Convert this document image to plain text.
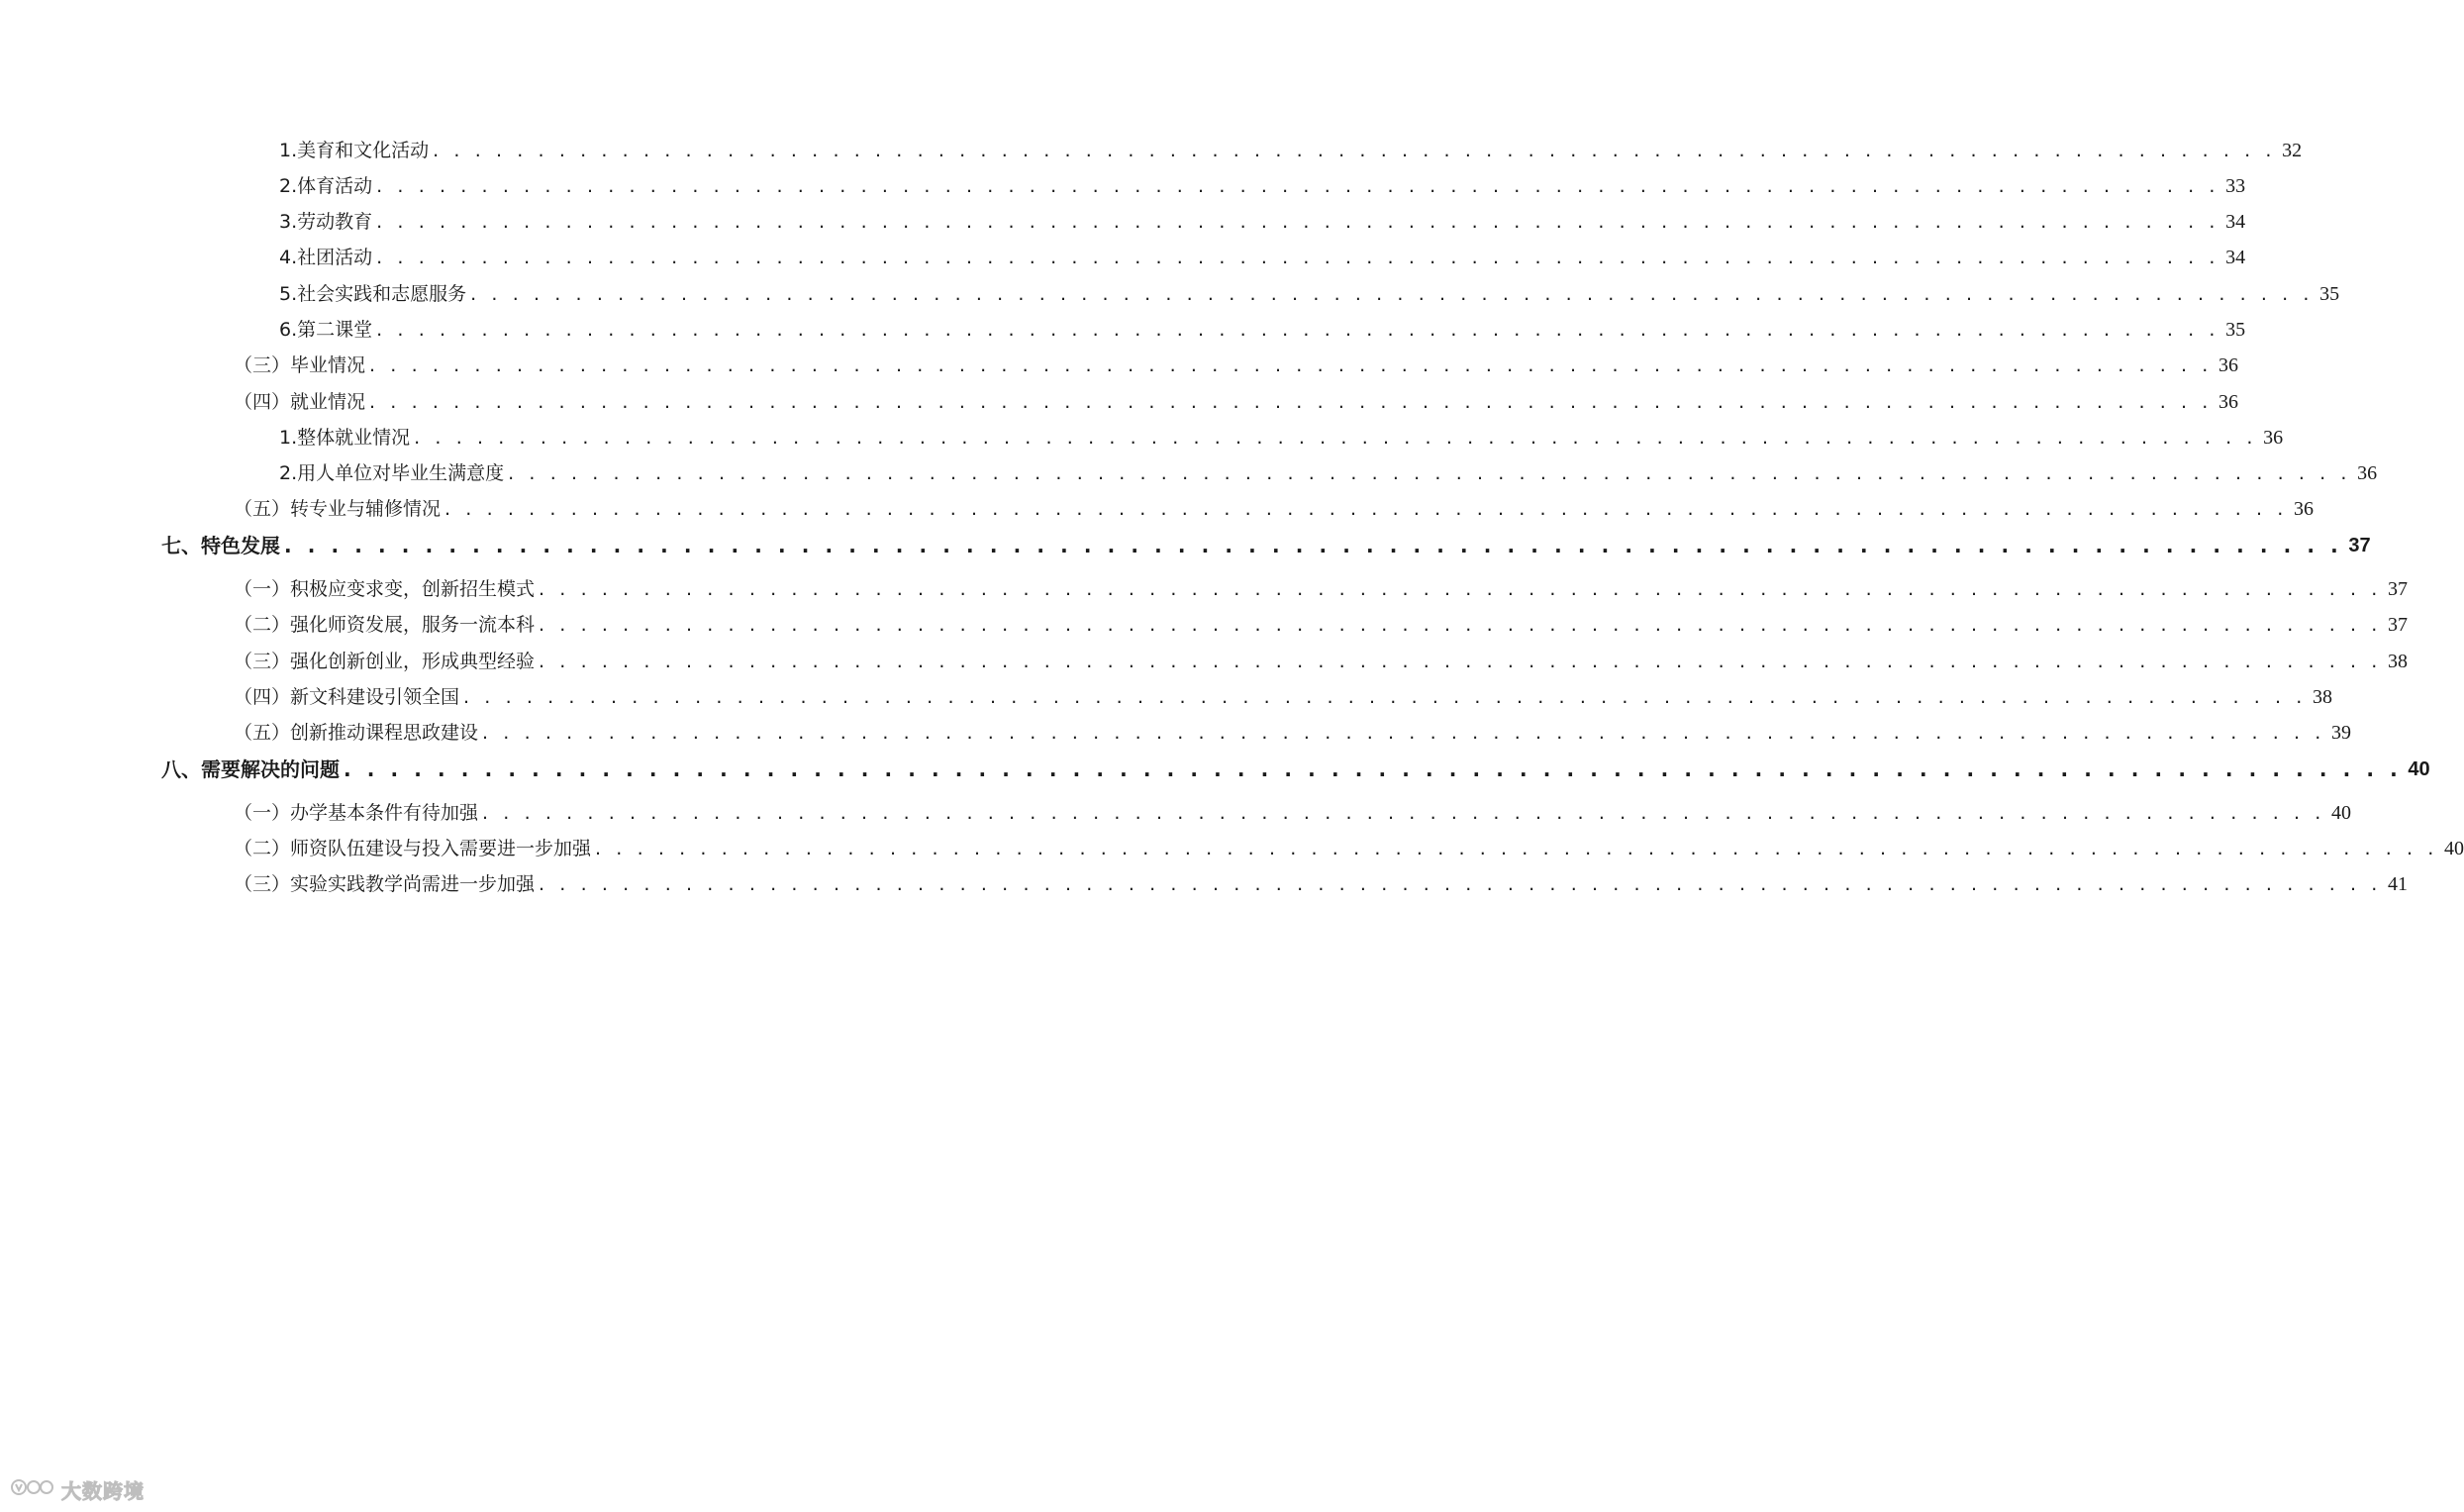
1. 美育和文化活动 . . . . . . . . . . . . . . . . . . . . . . . . . . . . . . . . . . . . . . . . . . . . . . . . . . . . . . . . . . . . . . . . . . . . . . . . . . . . . . . . . . . . . . . . 32
2. 体育活动 . . . . . . . . . . . . . . . . . . . . . . . . . . . . . . . . . . . . . . . . . . . . . . . . . . . . . . . . . . . . . . . . . . . . . . . . . . . . . . . . . . . . . . . . 33
3. 劳动教育 . . . . . . . . . . . . . . . . . . . . . . . . . . . . . . . . . . . . . . . . . . . . . . . . . . . . . . . . . . . . . . . . . . . . . . . . . . . . . . . . . . . . . . . . 34
4. 社团活动 . . . . . . . . . . . . . . . . . . . . . . . . . . . . . . . . . . . . . . . . . . . . . . . . . . . . . . . . . . . . . . . . . . . . . . . . . . . . . . . . . . . . . . . . 34
5. 社会实践和志愿服务 . . . . . . . . . . . . . . . . . . . . . . . . . . . . . . . . . . . . . . . . . . . . . . . . . . . . . . . . . . . . . . . . . . . . . . . . . . . . . . . . . . . . . . . . 35
6. 第二课堂 . . . . . . . . . . . . . . . . . . . . . . . . . . . . . . . . . . . . . . . . . . . . . . . . . . . . . . . . . . . . . . . . . . . . . . . . . . . . . . . . . . . . . . . . 35
（三） 毕业情况 . . . . . . . . . . . . . . . . . . . . . . . . . . . . . . . . . . . . . . . . . . . . . . . . . . . . . . . . . . . . . . . . . . . . . . . . . . . . . . . . . . . . . . . . 36
（四） 就业情况 . . . . . . . . . . . . . . . . . . . . . . . . . . . . . . . . . . . . . . . . . . . . . . . . . . . . . . . . . . . . . . . . . . . . . . . . . . . . . . . . . . . . . . . . 36
1. 整体就业情况 . . . . . . . . . . . . . . . . . . . . . . . . . . . . . . . . . . . . . . . . . . . . . . . . . . . . . . . . . . . . . . . . . . . . . . . . . . . . . . . . . . . . . . . . 36
2. 用人单位对毕业生满意度 . . . . . . . . . . . . . . . . . . . . . . . . . . . . . . . . . . . . . . . . . . . . . . . . . . . . . . . . . . . . . . . . . . . . . . . . . . . . . . . . . . . . . . . . 36
（五） 转专业与辅修情况 . . . . . . . . . . . . . . . . . . . . . . . . . . . . . . . . . . . . . . . . . . . . . . . . . . . . . . . . . . . . . . . . . . . . . . . . . . . . . . . . . . . . . . . . 36
七、特色发展 . . . . . . . . . . . . . . . . . . . . . . . . . . . . . . . . . . . . . . . . . . . . . . . . . . . . . . . . . . . . . . . . . . . . . . . . . . . . . . . . . . . . . . . . 37
（一） 积极应变求变，创新招生模式 . . . . . . . . . . . . . . . . . . . . . . . . . . . . . . . . . . . . . . . . . . . . . . . . . . . . . . . . . . . . . . . . . . . . . . . . . . . . . . . . . . . . . . . . 37
（二） 强化师资发展，服务一流本科 . . . . . . . . . . . . . . . . . . . . . . . . . . . . . . . . . . . . . . . . . . . . . . . . . . . . . . . . . . . . . . . . . . . . . . . . . . . . . . . . . . . . . . . . 37
（三） 强化创新创业，形成典型经验 . . . . . . . . . . . . . . . . . . . . . . . . . . . . . . . . . . . . . . . . . . . . . . . . . . . . . . . . . . . . . . . . . . . . . . . . . . . . . . . . . . . . . . . . 38
（四） 新文科建设引领全国 . . . . . . . . . . . . . . . . . . . . . . . . . . . . . . . . . . . . . . . . . . . . . . . . . . . . . . . . . . . . . . . . . . . . . . . . . . . . . . . . . . . . . . . . 38
（五） 创新推动课程思政建设 . . . . . . . . . . . . . . . . . . . . . . . . . . . . . . . . . . . . . . . . . . . . . . . . . . . . . . . . . . . . . . . . . . . . . . . . . . . . . . . . . . . . . . . . 39
八、需要解决的问题 . . . . . . . . . . . . . . . . . . . . . . . . . . . . . . . . . . . . . . . . . . . . . . . . . . . . . . . . . . . . . . . . . . . . . . . . . . . . . . . . . . . . . . . . 40
（一） 办学基本条件有待加强 . . . . . . . . . . . . . . . . . . . . . . . . . . . . . . . . . . . . . . . . . . . . . . . . . . . . . . . . . . . . . . . . . . . . . . . . . . . . . . . . . . . . . . . . 40
（二） 师资队伍建设与投入需要进一步加强 . . . . . . . . . . . . . . . . . . . . . . . . . . . . . . . . . . . . . . . . . . . . . . . . . . . . . . . . . . . . . . . . . . . . . . . . . . . . . . . . . . . . . . . . 40
（三） 实验实践教学尚需进一步加强 . . . . . . . . . . . . . . . . . . . . . . . . . . . . . . . . . . . . . . . . . . . . . . . . . . . . . . . . . . . . . . . . . . . . . . . . . . . . . . . . . . . . . . . . 41
大数跨境
